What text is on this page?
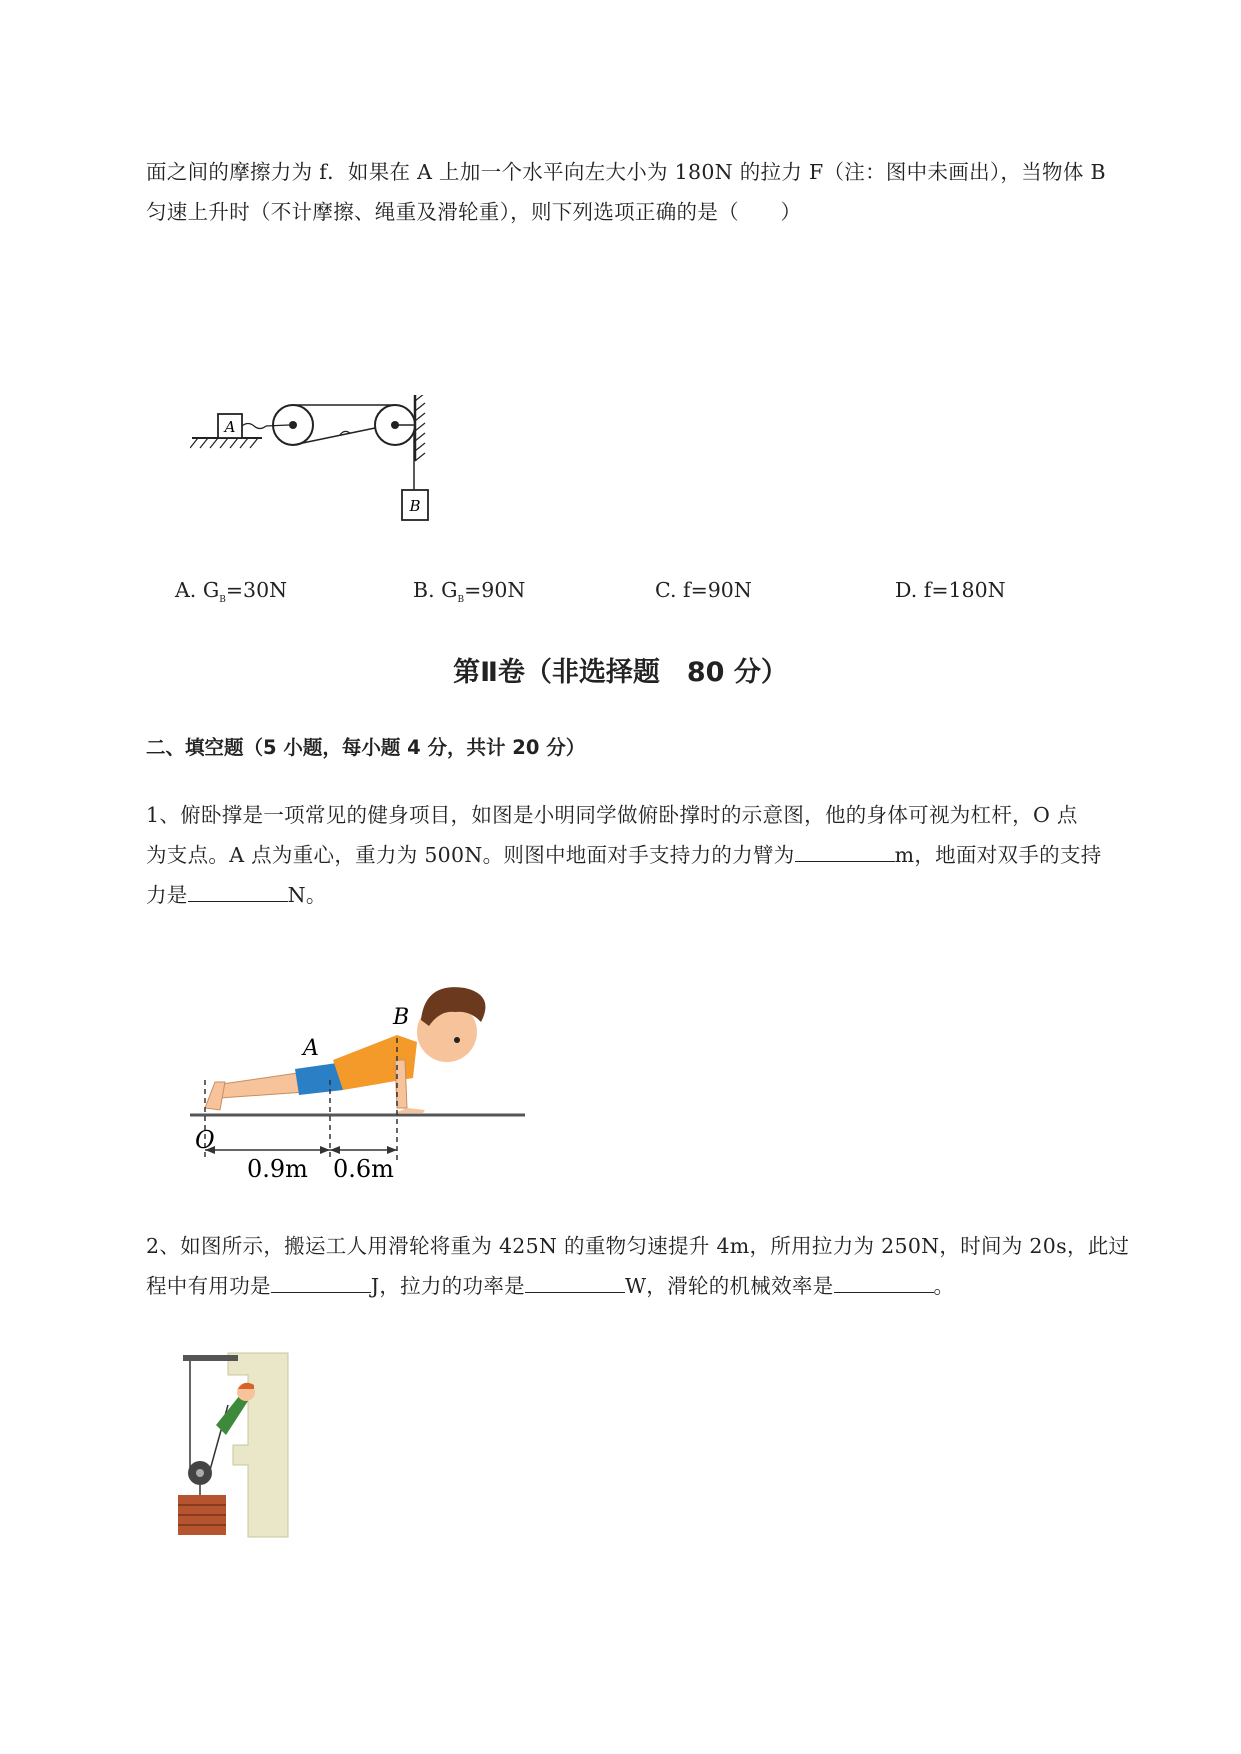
面之间的摩擦力为 f．如果在 A 上加一个水平向左大小为 180N 的拉力 F（注：图中未画出），当物体 B

匀速上升时（不计摩擦、绳重及滑轮重），则下列选项正确的是（　　）

A
B
A. $G_B=30N$	B. $G_B=90N$	C. f=90N	D. f=180N
第Ⅱ卷（非选择题　80 分）
二、填空题（5 小题，每小题 4 分，共计 20 分）

1、俯卧撑是一项常见的健身项目，如图是小明同学做俯卧撑时的示意图，他的身体可视为杠杆，O 点

为支点。A 点为重心，重力为 500N。则图中地面对手支持力的力臂为	m，地面对双手的支持

力是	N。

A
B
O
0.9m 0.6m

2、如图所示，搬运工人用滑轮将重为 425N 的重物匀速提升 4m，所用拉力为 250N，时间为 20s，此过

程中有用功是	J，拉力的功率是	W，滑轮的机械效率是	。
